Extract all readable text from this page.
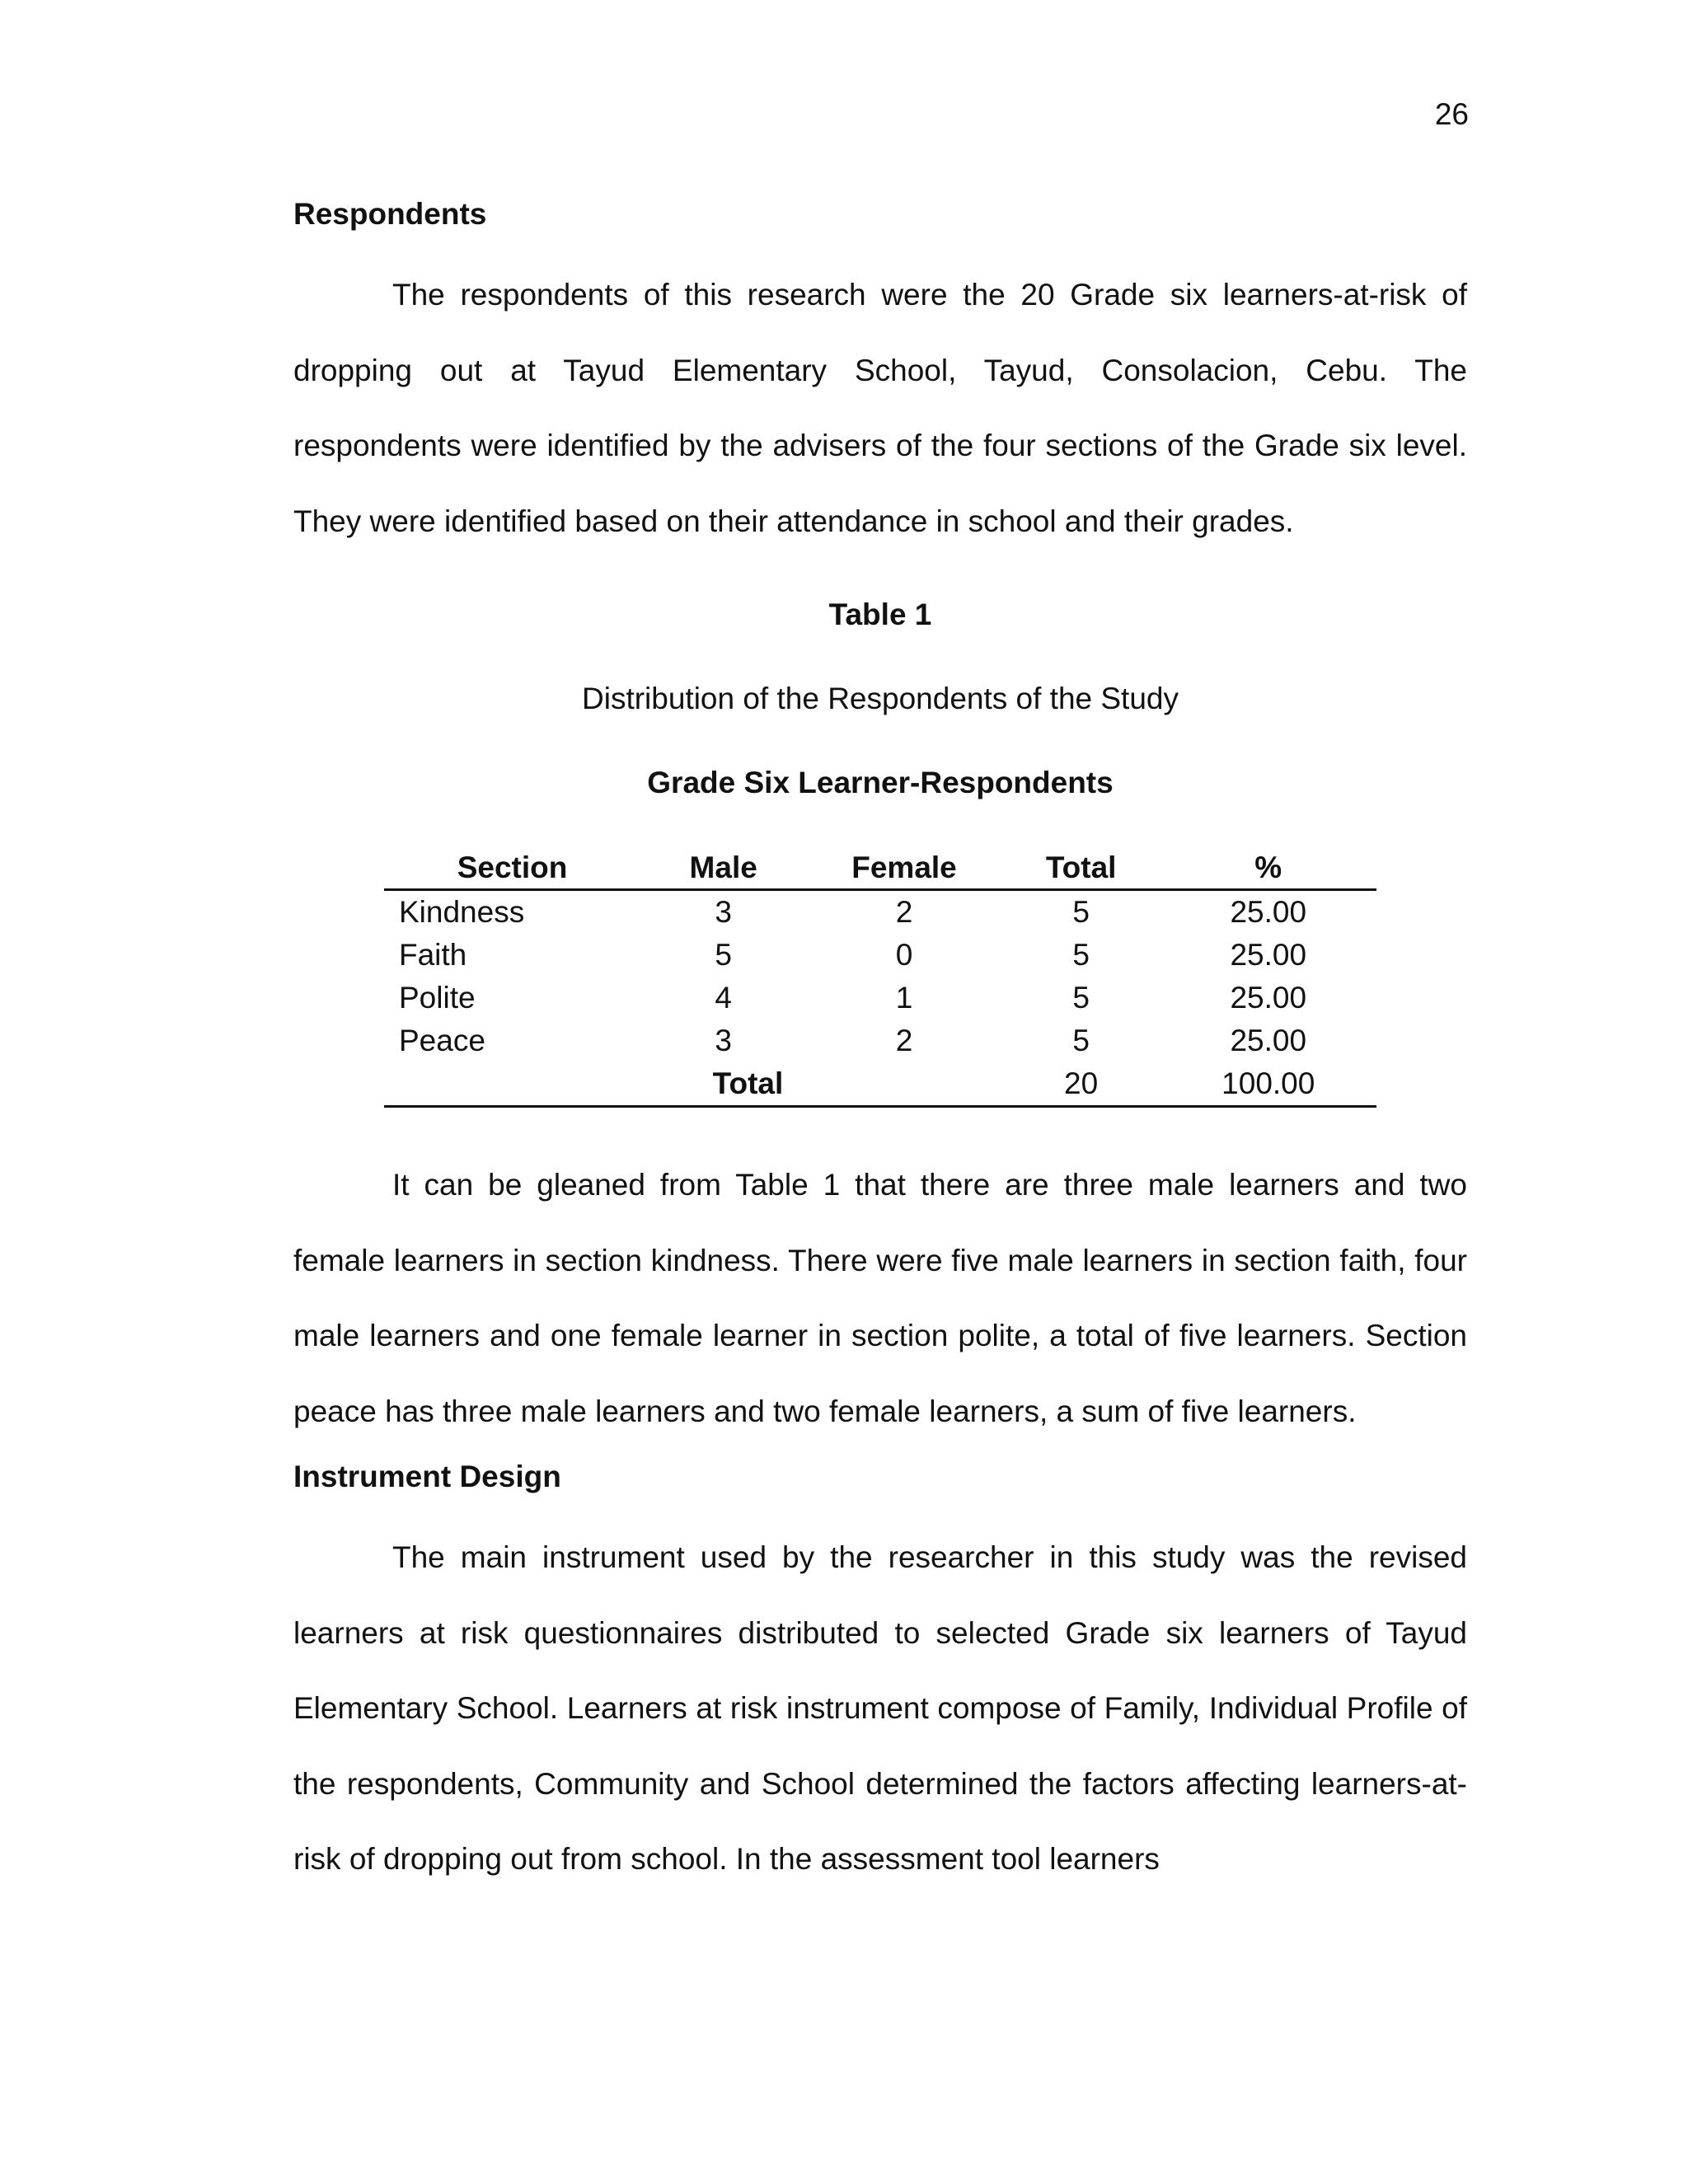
26

Respondents

The respondents of this research were the 20 Grade six learners-at-risk of dropping out at Tayud Elementary School, Tayud, Consolacion, Cebu. The respondents were identified by the advisers of the four sections of the Grade six level. They were identified based on their attendance in school and their grades.

Table 1
Distribution of the Respondents of the Study
Grade Six Learner-Respondents
Section	Male	Female	Total	%
Kindness	3	2	5	25.00
Faith	5	0	5	25.00
Polite	4	1	5	25.00
Peace	3	2	5	25.00
	Total		20	100.00

It can be gleaned from Table 1 that there are three male learners and two female learners in section kindness. There were five male learners in section faith, four male learners and one female learner in section polite, a total of five learners. Section peace has three male learners and two female learners, a sum of five learners.

Instrument Design

The main instrument used by the researcher in this study was the revised learners at risk questionnaires distributed to selected Grade six learners of Tayud Elementary School. Learners at risk instrument compose of Family, Individual Profile of the respondents, Community and School determined the factors affecting learners-at-risk of dropping out from school. In the assessment tool learners
